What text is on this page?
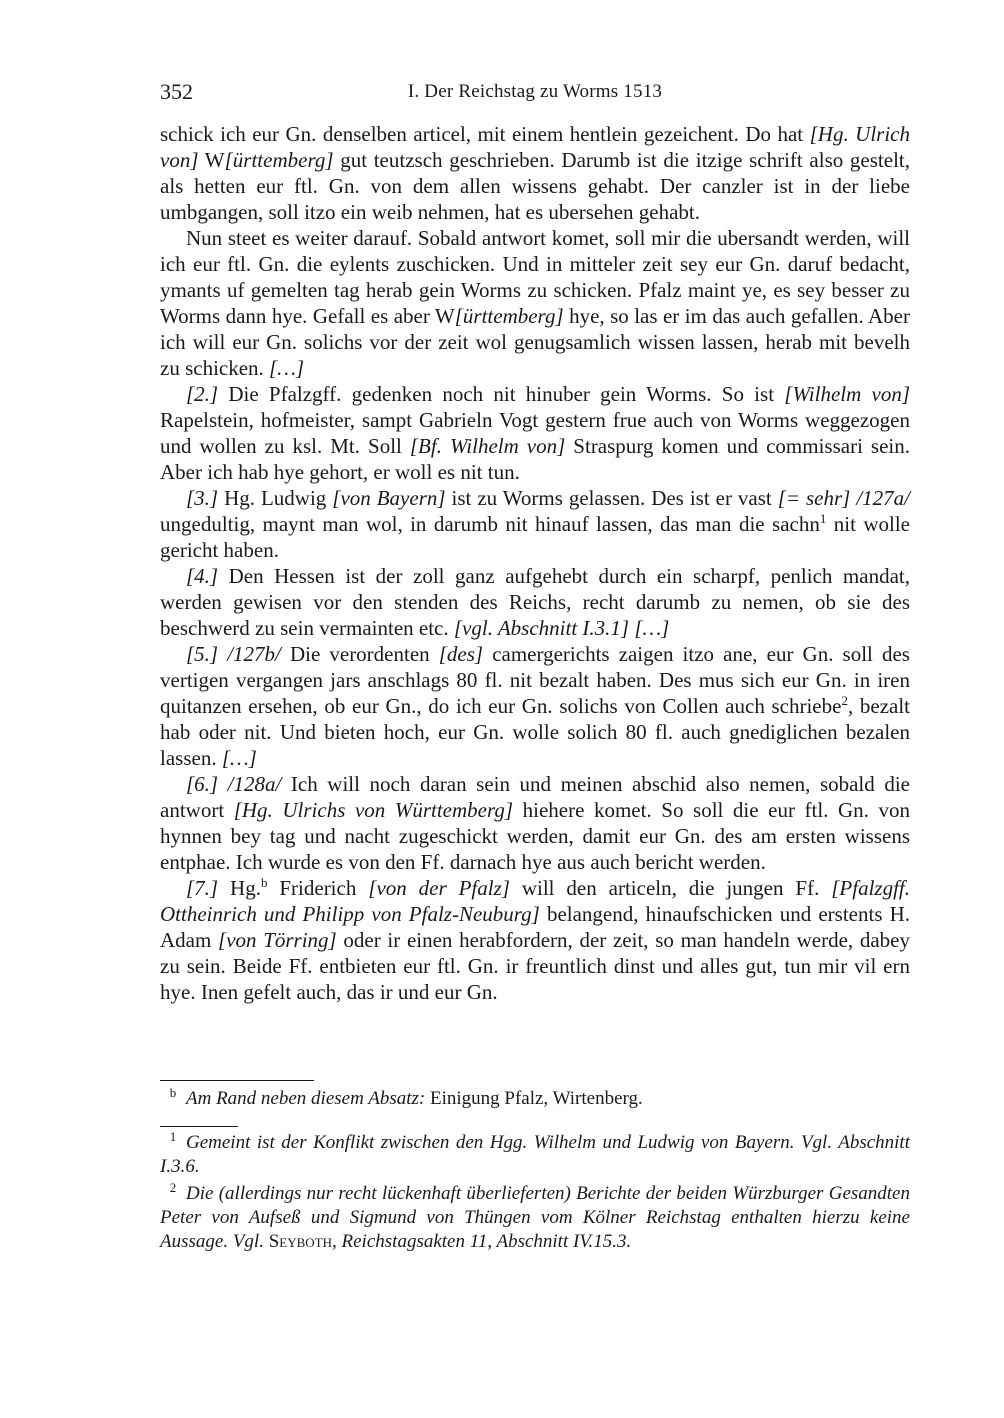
352	I. Der Reichstag zu Worms 1513

schick ich eur Gn. denselben articel, mit einem hentlein gezeichent. Do hat [Hg. Ulrich von] W[ürttemberg] gut teutzsch geschrieben. Darumb ist die itzige schrift also gestelt, als hetten eur ftl. Gn. von dem allen wissens gehabt. Der canzler ist in der liebe umbgangen, soll itzo ein weib nehmen, hat es ubersehen gehabt.

Nun steet es weiter darauf. Sobald antwort komet, soll mir die ubersandt werden, will ich eur ftl. Gn. die eylents zuschicken. Und in mitteler zeit sey eur Gn. daruf bedacht, ymants uf gemelten tag herab gein Worms zu schicken. Pfalz maint ye, es sey besser zu Worms dann hye. Gefall es aber W[ürttemberg] hye, so las er im das auch gefallen. Aber ich will eur Gn. solichs vor der zeit wol genugsamlich wissen lassen, herab mit bevelh zu schicken. […]

[2.] Die Pfalzgff. gedenken noch nit hinuber gein Worms. So ist [Wilhelm von] Rapelstein, hofmeister, sampt Gabrieln Vogt gestern frue auch von Worms weggezogen und wollen zu ksl. Mt. Soll [Bf. Wilhelm von] Straspurg komen und commissari sein. Aber ich hab hye gehort, er woll es nit tun.

[3.] Hg. Ludwig [von Bayern] ist zu Worms gelassen. Des ist er vast [= sehr] /127a/ ungedultig, maynt man wol, in darumb nit hinauf lassen, das man die sachn$^1$ nit wolle gericht haben.

[4.] Den Hessen ist der zoll ganz aufgehebt durch ein scharpf, penlich mandat, werden gewisen vor den stenden des Reichs, recht darumb zu nemen, ob sie des beschwerd zu sein vermainten etc. [vgl. Abschnitt I.3.1] […]

[5.] /127b/ Die verordenten [des] camergerichts zaigen itzo ane, eur Gn. soll des vertigen vergangen jars anschlags 80 fl. nit bezalt haben. Des mus sich eur Gn. in iren quitanzen ersehen, ob eur Gn., do ich eur Gn. solichs von Collen auch schriebe$^2$, bezalt hab oder nit. Und bieten hoch, eur Gn. wolle solich 80 fl. auch gnediglichen bezalen lassen. […]

[6.] /128a/ Ich will noch daran sein und meinen abschid also nemen, sobald die antwort [Hg. Ulrichs von Württemberg] hiehere komet. So soll die eur ftl. Gn. von hynnen bey tag und nacht zugeschickt werden, damit eur Gn. des am ersten wissens entphae. Ich wurde es von den Ff. darnach hye aus auch bericht werden.

[7.] Hg.$^b$ Friderich [von der Pfalz] will den articeln, die jungen Ff. [Pfalzgff. Ottheinrich und Philipp von Pfalz-Neuburg] belangend, hinaufschicken und erstents H. Adam [von Törring] oder ir einen herabfordern, der zeit, so man handeln werde, dabey zu sein. Beide Ff. entbieten eur ftl. Gn. ir freuntlich dinst und alles gut, tun mir vil ern hye. Inen gefelt auch, das ir und eur Gn.

$^b$ Am Rand neben diesem Absatz: Einigung Pfalz, Wirtenberg.

$^1$ Gemeint ist der Konflikt zwischen den Hgg. Wilhelm und Ludwig von Bayern. Vgl. Abschnitt I.3.6.

$^2$ Die (allerdings nur recht lückenhaft überlieferten) Berichte der beiden Würzburger Gesandten Peter von Aufseß und Sigmund von Thüngen vom Kölner Reichstag enthalten hierzu keine Aussage. Vgl. Seyboth, Reichstagsakten 11, Abschnitt IV.15.3.
